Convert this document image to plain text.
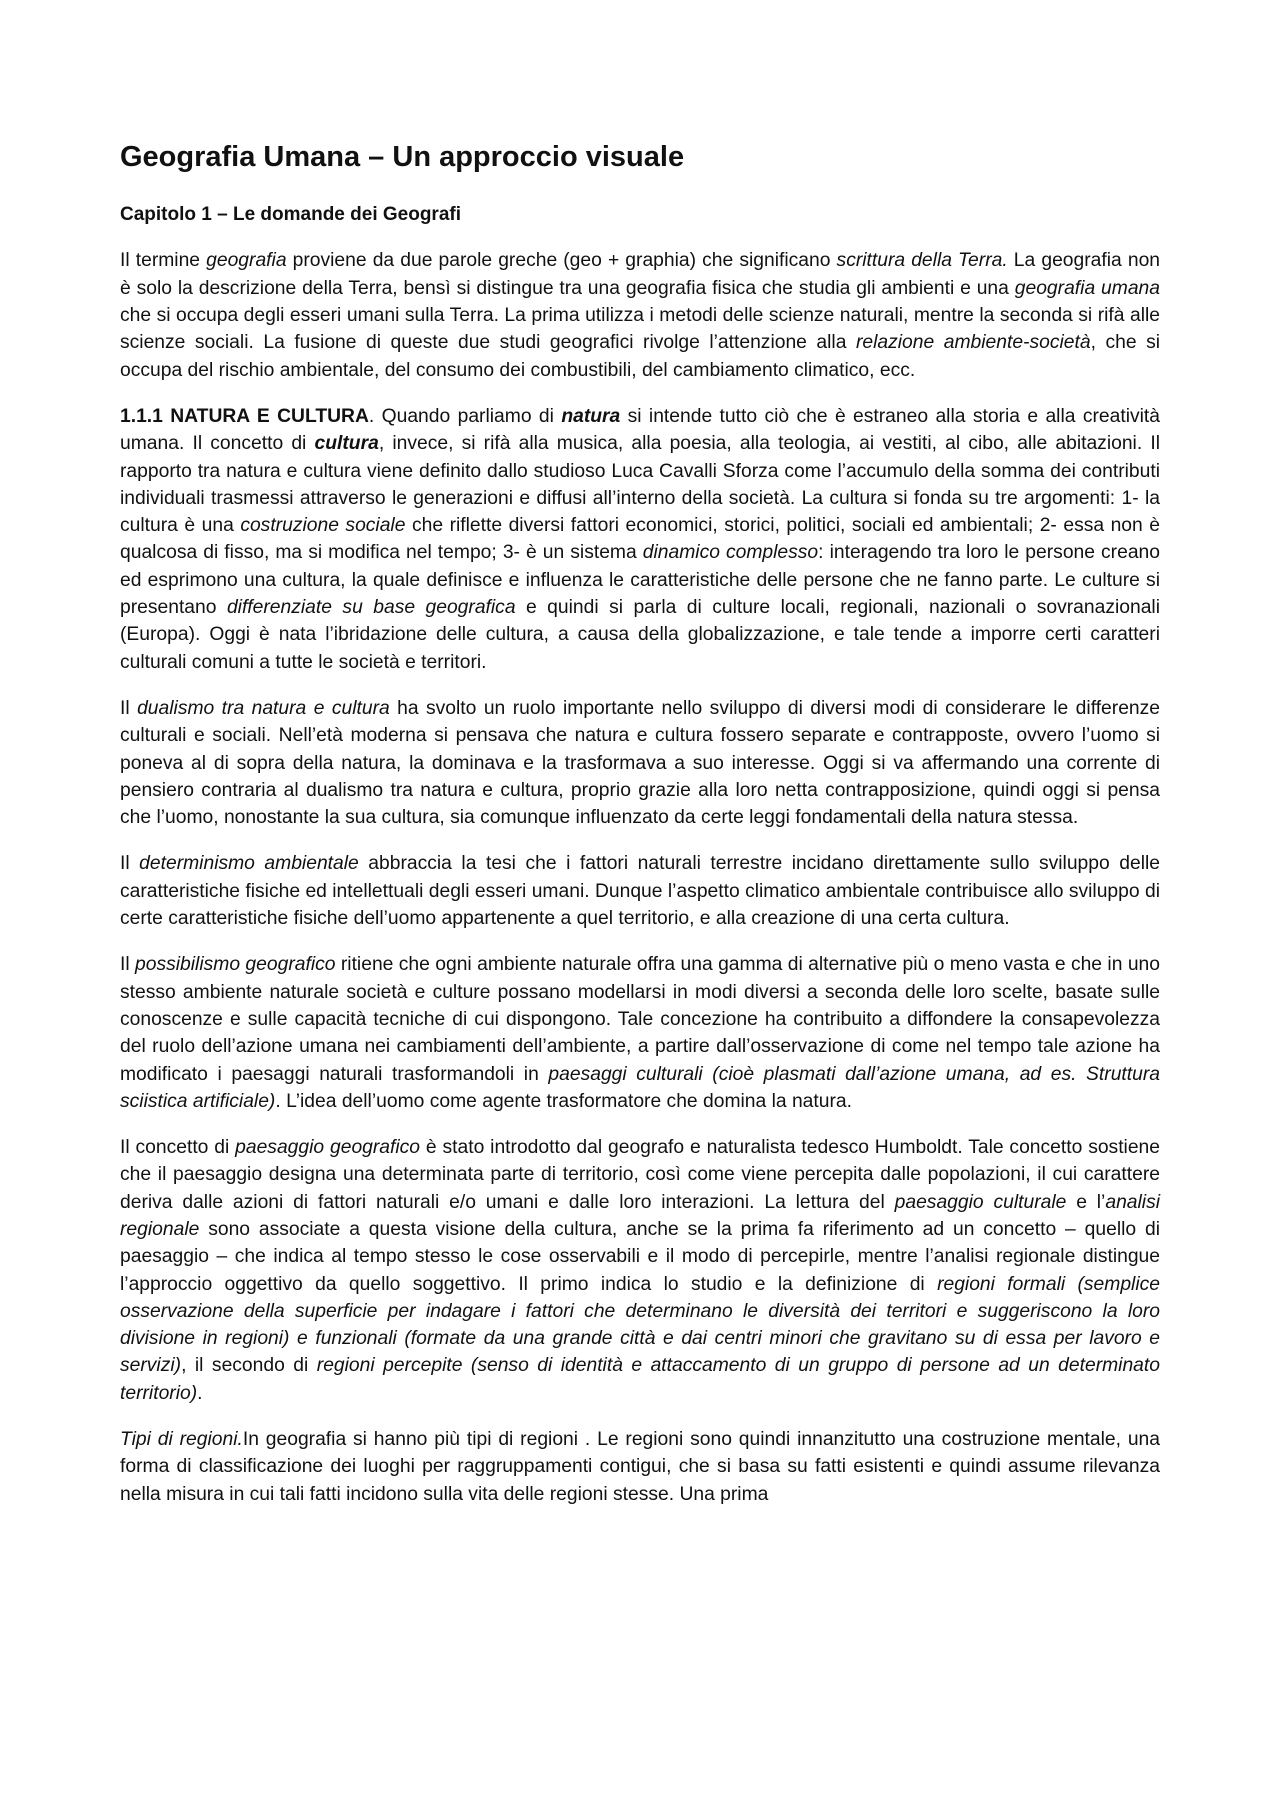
Geografia Umana – Un approccio visuale
Capitolo 1 – Le domande dei Geografi

Il termine geografia proviene da due parole greche (geo + graphia) che significano scrittura della Terra. La geografia non è solo la descrizione della Terra, bensì si distingue tra una geografia fisica che studia gli ambienti e una geografia umana che si occupa degli esseri umani sulla Terra. La prima utilizza i metodi delle scienze naturali, mentre la seconda si rifà alle scienze sociali. La fusione di queste due studi geografici rivolge l’attenzione alla relazione ambiente-società, che si occupa del rischio ambientale, del consumo dei combustibili, del cambiamento climatico, ecc.

1.1.1 NATURA E CULTURA. Quando parliamo di natura si intende tutto ciò che è estraneo alla storia e alla creatività umana. Il concetto di cultura, invece, si rifà alla musica, alla poesia, alla teologia, ai vestiti, al cibo, alle abitazioni. Il rapporto tra natura e cultura viene definito dallo studioso Luca Cavalli Sforza come l’accumulo della somma dei contributi individuali trasmessi attraverso le generazioni e diffusi all’interno della società. La cultura si fonda su tre argomenti: 1- la cultura è una costruzione sociale che riflette diversi fattori economici, storici, politici, sociali ed ambientali; 2- essa non è qualcosa di fisso, ma si modifica nel tempo; 3- è un sistema dinamico complesso: interagendo tra loro le persone creano ed esprimono una cultura, la quale definisce e influenza le caratteristiche delle persone che ne fanno parte. Le culture si presentano differenziate su base geografica e quindi si parla di culture locali, regionali, nazionali o sovranazionali (Europa). Oggi è nata l’ibridazione delle cultura, a causa della globalizzazione, e tale tende a imporre certi caratteri culturali comuni a tutte le società e territori.

Il dualismo tra natura e cultura ha svolto un ruolo importante nello sviluppo di diversi modi di considerare le differenze culturali e sociali. Nell’età moderna si pensava che natura e cultura fossero separate e contrapposte, ovvero l’uomo si poneva al di sopra della natura, la dominava e la trasformava a suo interesse. Oggi si va affermando una corrente di pensiero contraria al dualismo tra natura e cultura, proprio grazie alla loro netta contrapposizione, quindi oggi si pensa che l’uomo, nonostante la sua cultura, sia comunque influenzato da certe leggi fondamentali della natura stessa.

Il determinismo ambientale abbraccia la tesi che i fattori naturali terrestre incidano direttamente sullo sviluppo delle caratteristiche fisiche ed intellettuali degli esseri umani. Dunque l’aspetto climatico ambientale contribuisce allo sviluppo di certe caratteristiche fisiche dell’uomo appartenente a quel territorio, e alla creazione di una certa cultura.

Il possibilismo geografico ritiene che ogni ambiente naturale offra una gamma di alternative più o meno vasta e che in uno stesso ambiente naturale società e culture possano modellarsi in modi diversi a seconda delle loro scelte, basate sulle conoscenze e sulle capacità tecniche di cui dispongono. Tale concezione ha contribuito a diffondere la consapevolezza del ruolo dell’azione umana nei cambiamenti dell’ambiente, a partire dall’osservazione di come nel tempo tale azione ha modificato i paesaggi naturali trasformandoli in paesaggi culturali (cioè plasmati dall’azione umana, ad es. Struttura sciistica artificiale). L’idea dell’uomo come agente trasformatore che domina la natura.

Il concetto di paesaggio geografico è stato introdotto dal geografo e naturalista tedesco Humboldt. Tale concetto sostiene che il paesaggio designa una determinata parte di territorio, così come viene percepita dalle popolazioni, il cui carattere deriva dalle azioni di fattori naturali e/o umani e dalle loro interazioni. La lettura del paesaggio culturale e l’analisi regionale sono associate a questa visione della cultura, anche se la prima fa riferimento ad un concetto – quello di paesaggio – che indica al tempo stesso le cose osservabili e il modo di percepirle, mentre l’analisi regionale distingue l’approccio oggettivo da quello soggettivo. Il primo indica lo studio e la definizione di regioni formali (semplice osservazione della superficie per indagare i fattori che determinano le diversità dei territori e suggeriscono la loro divisione in regioni) e funzionali (formate da una grande città e dai centri minori che gravitano su di essa per lavoro e servizi), il secondo di regioni percepite (senso di identità e attaccamento di un gruppo di persone ad un determinato territorio).

Tipi di regioni.In geografia si hanno più tipi di regioni . Le regioni sono quindi innanzitutto una costruzione mentale, una forma di classificazione dei luoghi per raggruppamenti contigui, che si basa su fatti esistenti e quindi assume rilevanza nella misura in cui tali fatti incidono sulla vita delle regioni stesse. Una prima
